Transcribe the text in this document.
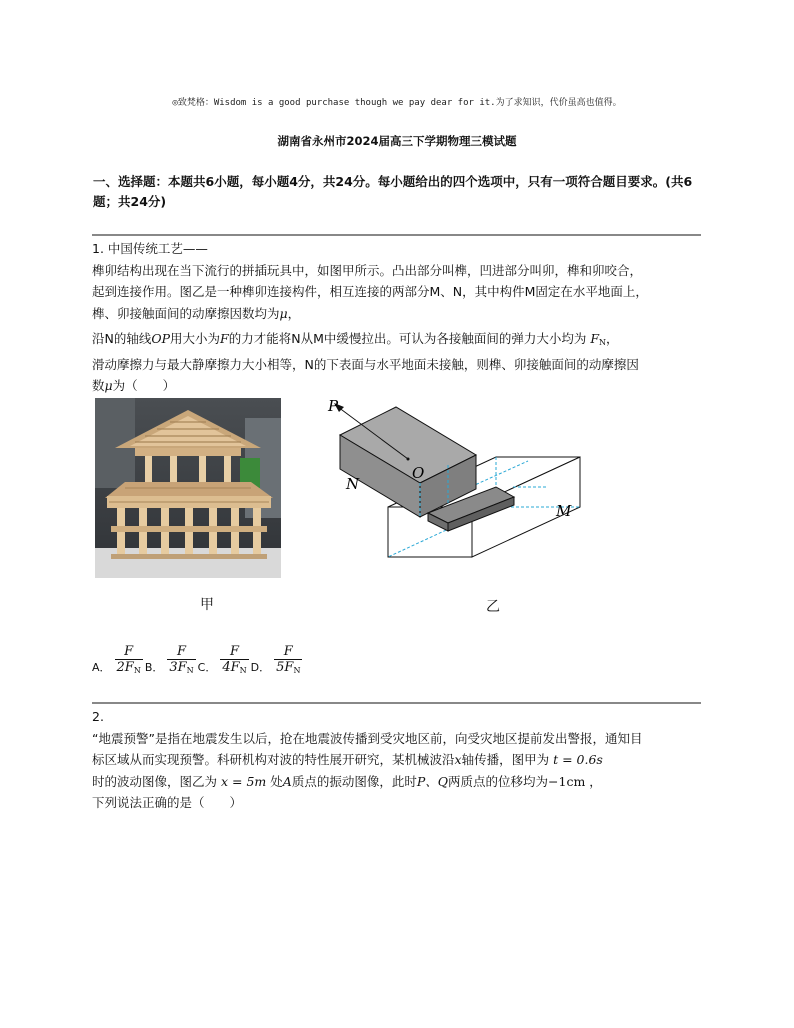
◎致梵格：Wisdom is a good purchase though we pay dear for it.为了求知识，代价虽高也值得。
湖南省永州市2024届高三下学期物理三模试题
一、选择题：本题共6小题，每小题4分，共24分。每小题给出的四个选项中，只有一项符合题目要求。(共6题；共24分)

1. 中国传统工艺——

榫卯结构出现在当下流行的拼插玩具中，如图甲所示。凸出部分叫榫，凹进部分叫卯，榫和卯咬合，

起到连接作用。图乙是一种榫卯连接构件，相互连接的两部分M、N，其中构件M固定在水平地面上，

榫、卯接触面间的动摩擦因数均为μ，

沿N的轴线OP用大小为F的力才能将N从M中缓慢拉出。可认为各接触面间的弹力大小均为 $F_N$，

滑动摩擦力与最大静摩擦力大小相等，N的下表面与水平地面未接触，则榫、卯接触面间的动摩擦因

数μ为（　　）

P
O
N
M
甲	乙
A． $\frac{F}{2F_N}$ B． $\frac{F}{3F_N}$ C． $\frac{F}{4F_N}$ D． $\frac{F}{5F_N}$

2.

“地震预警”是指在地震发生以后，抢在地震波传播到受灾地区前，向受灾地区提前发出警报，通知目

标区域从而实现预警。科研机构对波的特性展开研究，某机械波沿x轴传播，图甲为 t = 0.6s

时的波动图像，图乙为 x = 5m 处A质点的振动图像，此时P、Q两质点的位移均为−1cm ，

下列说法正确的是（　　）
